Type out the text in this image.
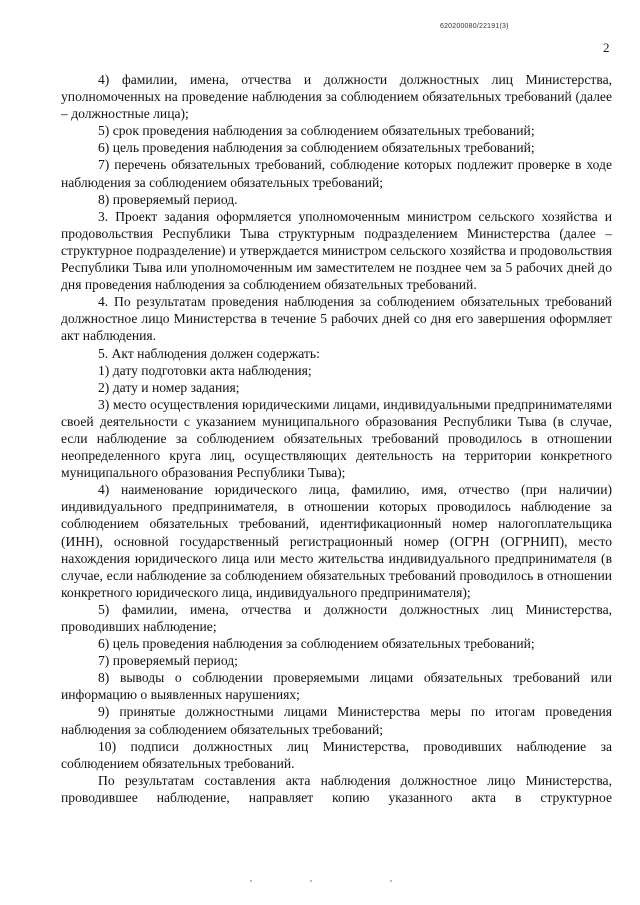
620200080/22191(3)
2

4) фамилии, имена, отчества и должности должностных лиц Министерства, уполномоченных на проведение наблюдения за соблюдением обязательных требований (далее – должностные лица);

5) срок проведения наблюдения за соблюдением обязательных требований;

6) цель проведения наблюдения за соблюдением обязательных требований;

7) перечень обязательных требований, соблюдение которых подлежит проверке в ходе наблюдения за соблюдением обязательных требований;

8) проверяемый период.

3. Проект задания оформляется уполномоченным министром сельского хозяйства и продовольствия Республики Тыва структурным подразделением Министерства (далее – структурное подразделение) и утверждается министром сельского хозяйства и продовольствия Республики Тыва или уполномоченным им заместителем не позднее чем за 5 рабочих дней до дня проведения наблюдения за соблюдением обязательных требований.

4. По результатам проведения наблюдения за соблюдением обязательных требований должностное лицо Министерства в течение 5 рабочих дней со дня его завершения оформляет акт наблюдения.

5. Акт наблюдения должен содержать:

1) дату подготовки акта наблюдения;

2) дату и номер задания;

3) место осуществления юридическими лицами, индивидуальными предпринимателями своей деятельности с указанием муниципального образования Республики Тыва (в случае, если наблюдение за соблюдением обязательных требований проводилось в отношении неопределенного круга лиц, осуществляющих деятельность на территории конкретного муниципального образования Республики Тыва);

4) наименование юридического лица, фамилию, имя, отчество (при наличии) индивидуального предпринимателя, в отношении которых проводилось наблюдение за соблюдением обязательных требований, идентификационный номер налогоплательщика (ИНН), основной государственный регистрационный номер (ОГРН (ОГРНИП), место нахождения юридического лица или место жительства индивидуального предпринимателя (в случае, если наблюдение за соблюдением обязательных требований проводилось в отношении конкретного юридического лица, индивидуального предпринимателя);

5) фамилии, имена, отчества и должности должностных лиц Министерства, проводивших наблюдение;

6) цель проведения наблюдения за соблюдением обязательных требований;

7) проверяемый период;

8) выводы о соблюдении проверяемыми лицами обязательных требований или информацию о выявленных нарушениях;

9) принятые должностными лицами Министерства меры по итогам проведения наблюдения за соблюдением обязательных требований;

10) подписи должностных лиц Министерства, проводивших наблюдение за соблюдением обязательных требований.

По результатам составления акта наблюдения должностное лицо Министерства, проводившее наблюдение, направляет копию указанного акта в структурное
